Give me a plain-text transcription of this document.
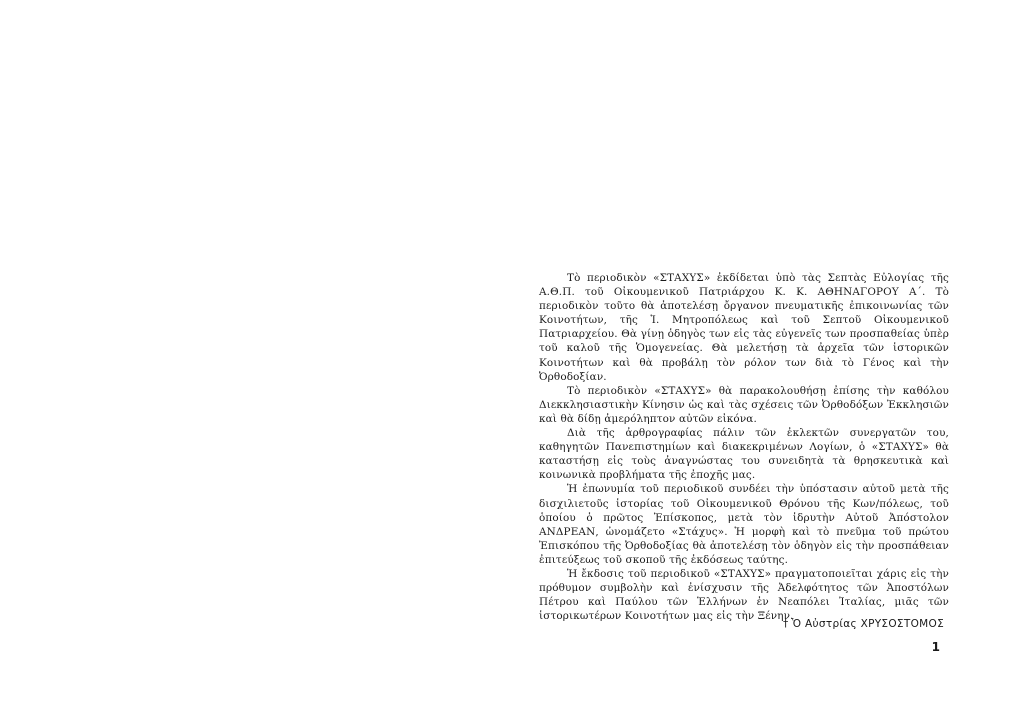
Τὸ περιοδικὸν «ΣΤΑΧΥΣ» ἐκδίδεται ὑπὸ τὰς Σεπτὰς Εὐλογίας τῆς Α.Θ.Π. τοῦ Οἰκουμενικοῦ Πατριάρχου Κ. Κ. ΑΘΗΝΑΓΟΡΟΥ Α΄. Τὸ περιοδικὸν τοῦτο θὰ ἀποτελέσῃ ὄργανον πνευματικῆς ἐπικοινωνίας τῶν Κοινοτήτων, τῆς Ἱ. Μητροπόλεως καὶ τοῦ Σεπτοῦ Οἰκουμενικοῦ Πατριαρχείου. Θὰ γίνῃ ὁδηγὸς των εἰς τὰς εὐγενεῖς των προσπαθείας ὑπὲρ τοῦ καλοῦ τῆς Ὁμογενείας. Θὰ μελετήσῃ τὰ ἀρχεῖα τῶν ἱστορικῶν Κοινοτήτων καὶ θὰ προβάλῃ τὸν ρόλον των διὰ τὸ Γένος καὶ τὴν Ὀρθοδοξίαν.

Τὸ περιοδικὸν «ΣΤΑΧΥΣ» θὰ παρακολουθήσῃ ἐπίσης τὴν καθόλου Διεκκλησιαστικὴν Κίνησιν ὡς καὶ τὰς σχέσεις τῶν Ὀρθοδόξων Ἐκκλησιῶν καὶ θὰ δίδῃ ἀμερόληπτον αὐτῶν εἰκόνα.

Διὰ τῆς ἀρθρογραφίας πάλιν τῶν ἐκλεκτῶν συνεργατῶν του, καθηγητῶν Πανεπιστημίων καὶ διακεκριμένων Λογίων, ὁ «ΣΤΑΧΥΣ» θὰ καταστήσῃ εἰς τοὺς ἀναγνώστας του συνειδητὰ τὰ θρησκευτικὰ καὶ κοινωνικὰ προβλήματα τῆς ἐποχῆς μας.

Ἡ ἐπωνυμία τοῦ περιοδικοῦ συνδέει τὴν ὑπόστασιν αὐτοῦ μετὰ τῆς δισχιλιετοῦς ἱστορίας τοῦ Οἰκουμενικοῦ Θρόνου τῆς Κων/πόλεως, τοῦ ὁποίου ὁ πρῶτος Ἐπίσκοπος, μετὰ τὸν ἱδρυτὴν Αὐτοῦ Ἀπόστολον ΑΝΔΡΕΑΝ, ὠνομάζετο «Στάχυς». Ἡ μορφὴ καὶ τὸ πνεῦμα τοῦ πρώτου Ἐπισκόπου τῆς Ὀρθοδοξίας θὰ ἀποτελέσῃ τὸν ὁδηγὸν εἰς τὴν προσπάθειαν ἐπιτεύξεως τοῦ σκοποῦ τῆς ἐκδόσεως ταύτης.

Ἡ ἔκδοσις τοῦ περιοδικοῦ «ΣΤΑΧΥΣ» πραγματοποιεῖται χάρις εἰς τὴν πρόθυμον συμβολὴν καὶ ἐνίσχυσιν τῆς Ἀδελφότητος τῶν Ἀποστόλων Πέτρου καὶ Παύλου τῶν Ἑλλήνων ἐν Νεαπόλει Ἰταλίας, μιᾶς τῶν ἱστορικωτέρων Κοινοτήτων μας εἰς τὴν Ξένην.

† Ὁ Αὐστρίας ΧΡΥΣΟΣΤΟΜΟΣ
1
